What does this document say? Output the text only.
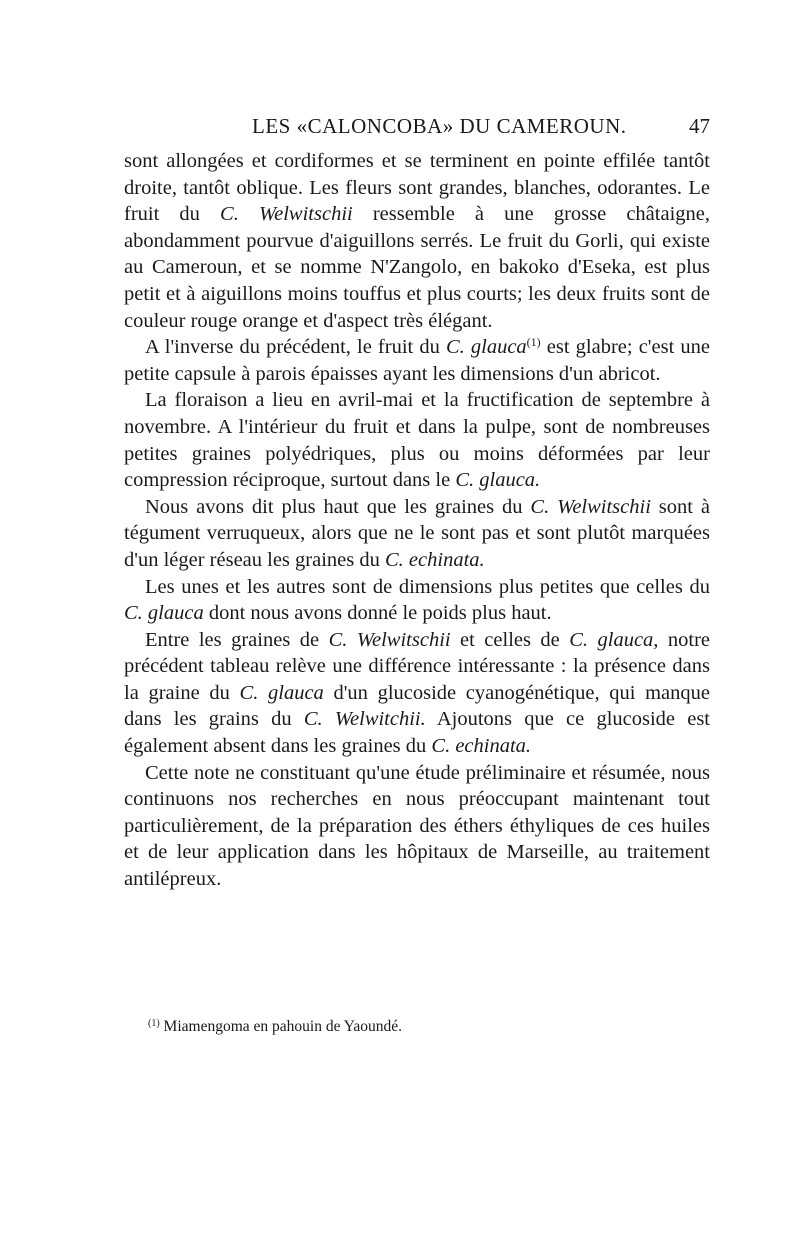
LES «CALONCOBA» DU CAMEROUN.	47

sont allongées et cordiformes et se terminent en pointe effilée tantôt droite, tantôt oblique. Les fleurs sont grandes, blanches, odorantes. Le fruit du C. Welwitschii ressemble à une grosse châtaigne, abondamment pourvue d'aiguillons serrés. Le fruit du Gorli, qui existe au Cameroun, et se nomme N'Zangolo, en bakoko d'Eseka, est plus petit et à aiguillons moins touffus et plus courts; les deux fruits sont de couleur rouge orange et d'aspect très élégant.

A l'inverse du précédent, le fruit du C. glauca$^{(1)}$ est glabre; c'est une petite capsule à parois épaisses ayant les dimensions d'un abricot.

La floraison a lieu en avril-mai et la fructification de septembre à novembre. A l'intérieur du fruit et dans la pulpe, sont de nombreuses petites graines polyédriques, plus ou moins déformées par leur compression réciproque, surtout dans le C. glauca.

Nous avons dit plus haut que les graines du C. Welwitschii sont à tégument verruqueux, alors que ne le sont pas et sont plutôt marquées d'un léger réseau les graines du C. echinata.

Les unes et les autres sont de dimensions plus petites que celles du C. glauca dont nous avons donné le poids plus haut.

Entre les graines de C. Welwitschii et celles de C. glauca, notre précédent tableau relève une différence intéressante : la présence dans la graine du C. glauca d'un glucoside cyanogénétique, qui manque dans les grains du C. Welwitchii. Ajoutons que ce glucoside est également absent dans les graines du C. echinata.

Cette note ne constituant qu'une étude préliminaire et résumée, nous continuons nos recherches en nous préoccupant maintenant tout particulièrement, de la préparation des éthers éthyliques de ces huiles et de leur application dans les hôpitaux de Marseille, au traitement antilépreux.

$^{(1)}$ Miamengoma en pahouin de Yaoundé.
